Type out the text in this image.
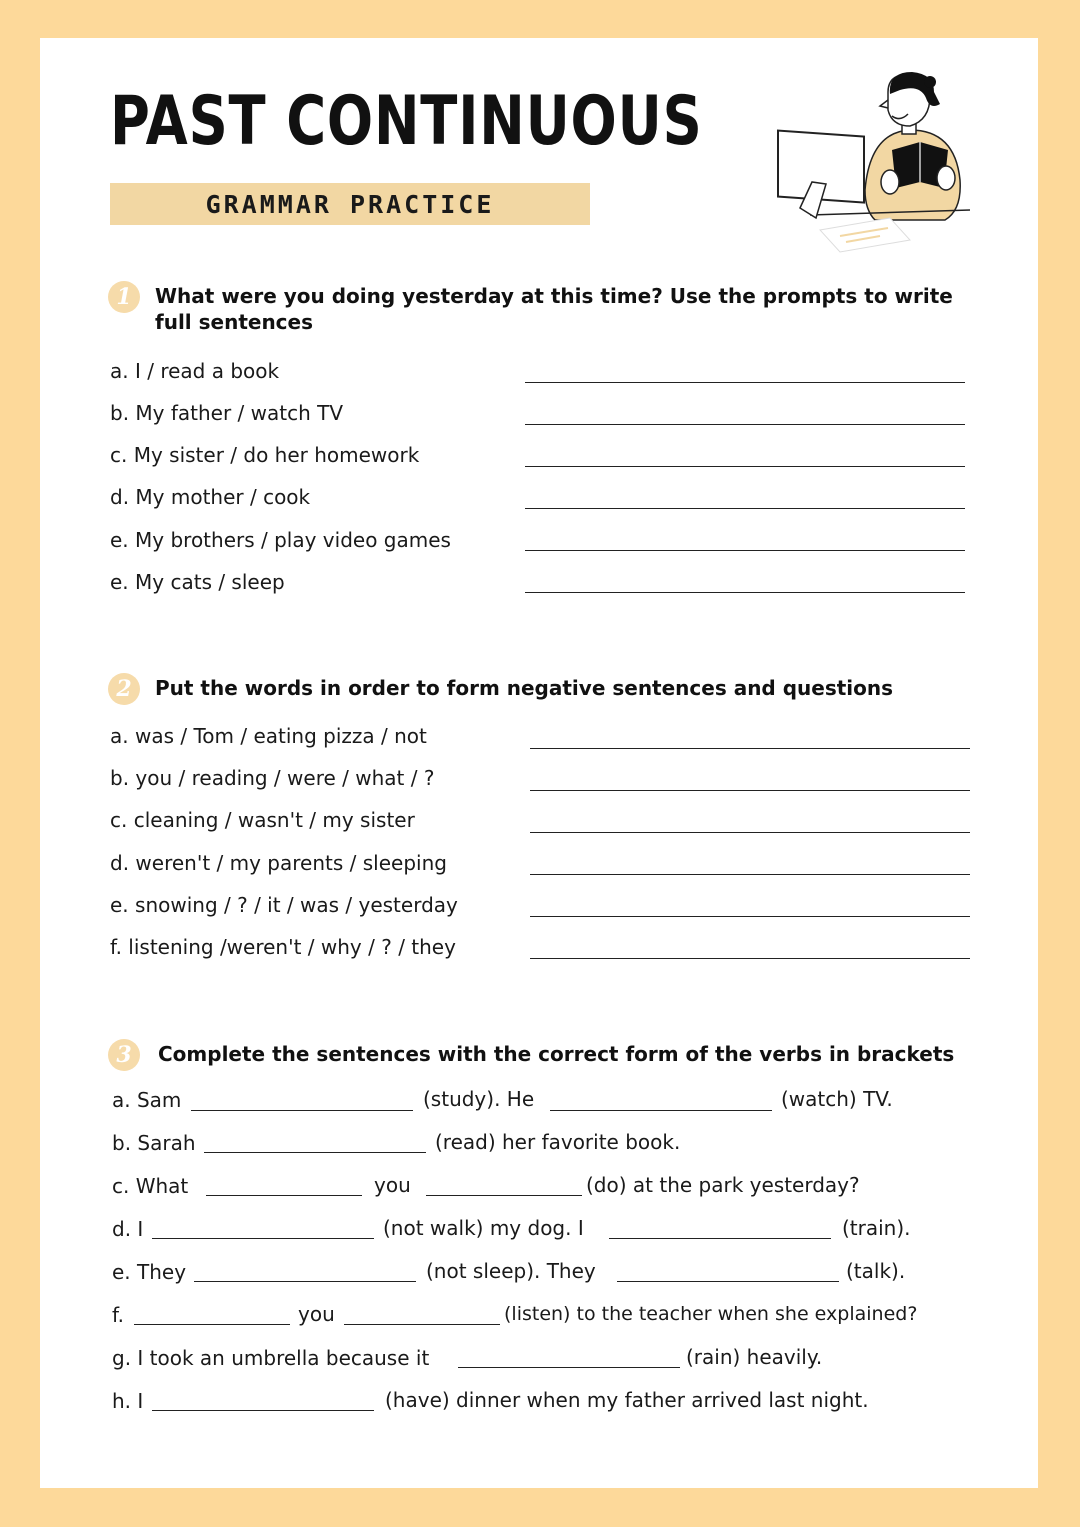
PAST CONTINUOUS
GRAMMAR PRACTICE
1	What were you doing yesterday at this time? Use the prompts to write
full sentences
a. I / read a book
b. My father / watch TV
c. My sister / do her homework
d. My mother / cook
e. My brothers / play video games
e. My cats / sleep
2	Put the words in order to form negative sentences and questions
a. was / Tom / eating pizza / not
b. you / reading / were / what / ?
c. cleaning / wasn't / my sister
d. weren't / my parents / sleeping
e. snowing / ? / it / was / yesterday
f. listening /weren't / why / ? / they
3	Complete the sentences with the correct form of the verbs in brackets
a. Sam	(study). He	(watch) TV.
b. Sarah	(read) her favorite book.
c. What	you	(do) at the park yesterday?
d. I	(not walk) my dog. I	(train).
e. They	(not sleep). They	(talk).
f.	you	(listen) to the teacher when she explained?
g. I took an umbrella because it	(rain) heavily.
h. I	(have) dinner when my father arrived last night.
